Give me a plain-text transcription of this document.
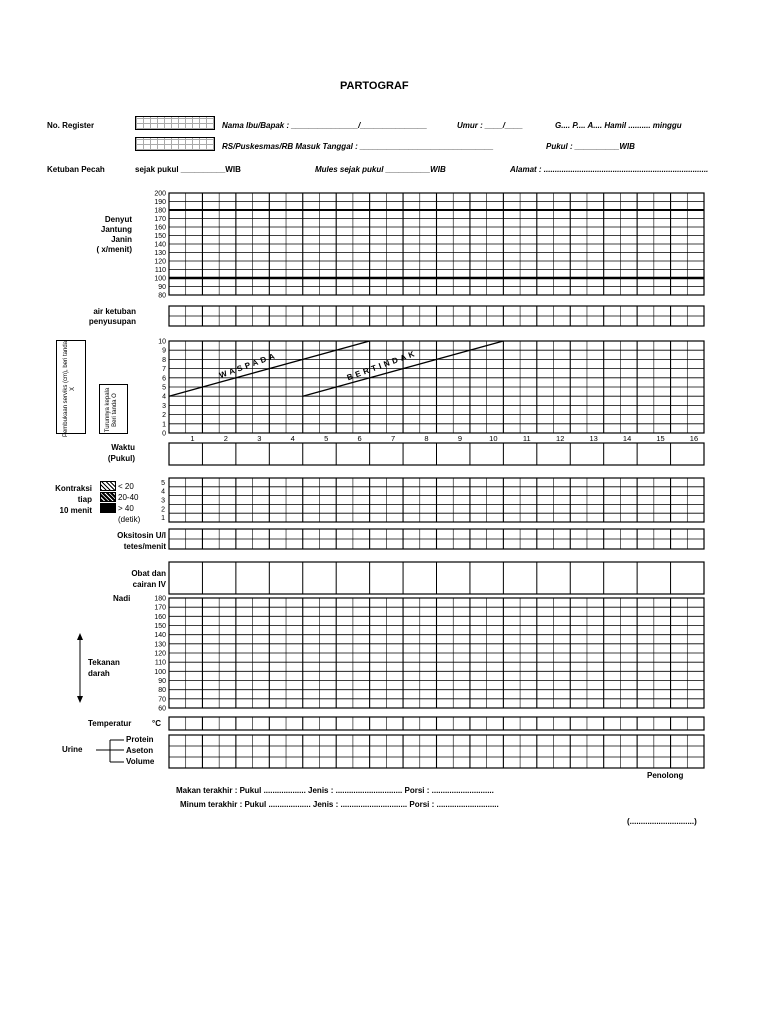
PARTOGRAF
No. Register	Nama Ibu/Bapak : _______________/_______________	Umur : ____/____	G.... P.... A.... Hamil .......... minggu
RS/Puskesmas/RB Masuk Tanggal : ______________________________	Pukul : __________WIB
Ketuban Pecah	sejak pukul __________WIB	Mules sejak pukul __________WIB	Alamat : ..........................................................................
Denyut
Jantung
Janin
( x/menit)
air ketuban
penyusupan
Pembukaan serviks (cm), beri tanda X	Turunnya kepala Beri tanda O
Waktu
(Pukul)
Kontraksi
tiap
10 menit
< 20
20-40
> 40
(detik)
Oksitosin U/l
tetes/menit
Obat dan
cairan IV
Nadi
Tekanan
darah
Temperatur	°C
Urine
Protein
Aseton
Volume
Penolong
Makan terakhir : Pukul ................... Jenis : .............................. Porsi : ............................
Minum terakhir : Pukul ................... Jenis : .............................. Porsi : ............................
(.............................)
200
190
180
170
160
150
140
130
120
110
100
90
80
10
9
8
7
6
5
4
3
2
1
0	1	2	3	4	5	6	7	8	9	10	11	12	13	14	15	16
WASPADA	BERTINDAK
5
4
3
2
1
180
170
160
150
140
130
120
110
100
90
80
70
60
